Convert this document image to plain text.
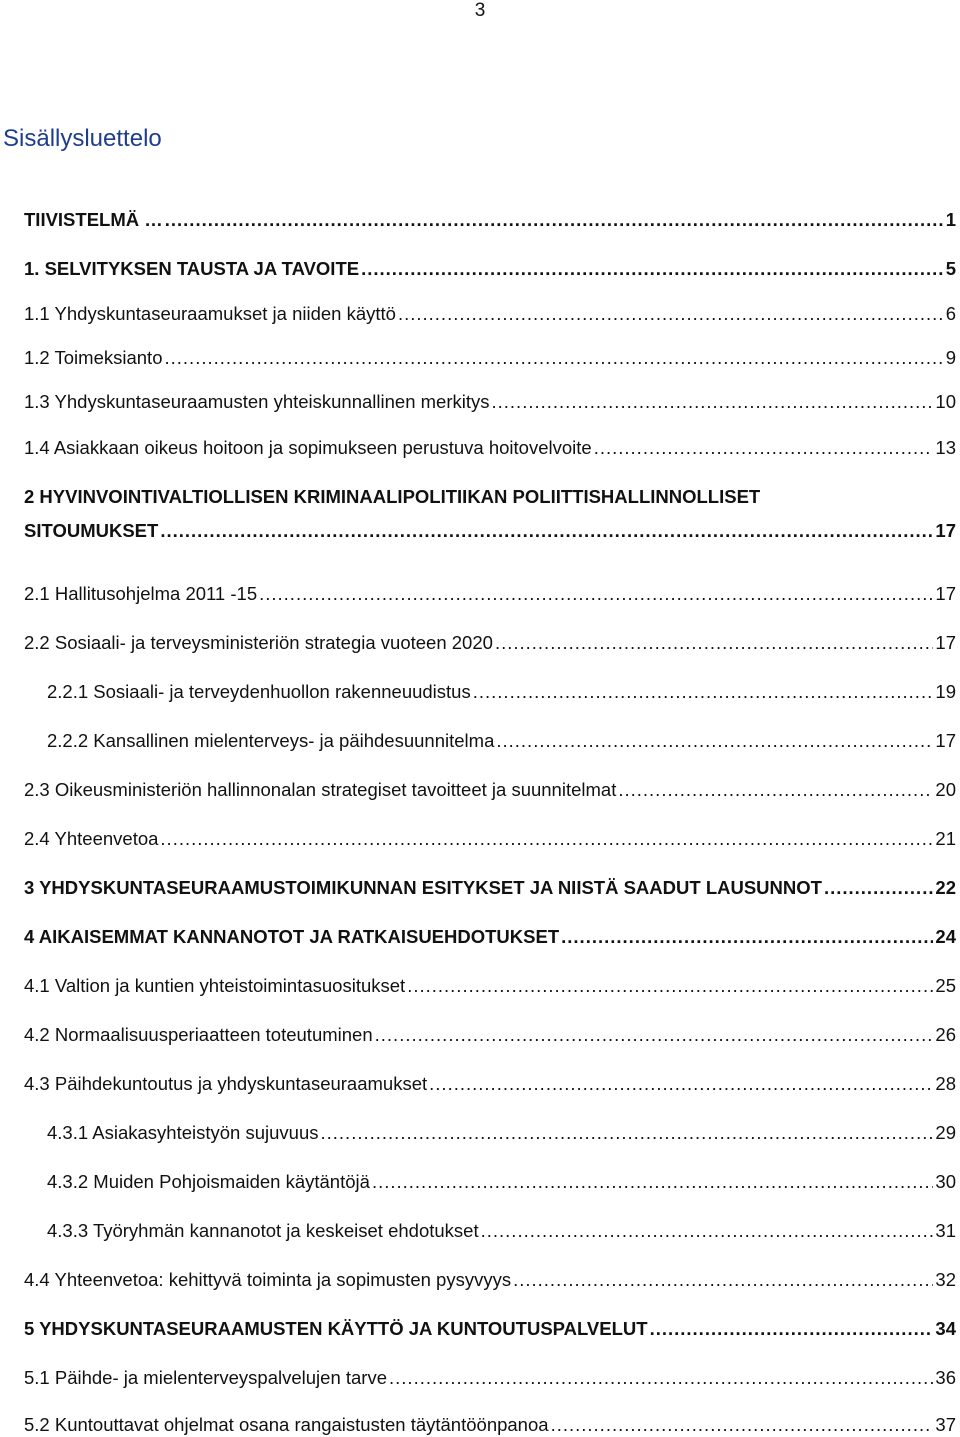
3
Sisällysluettelo
TIIVISTELMÄ … .....	1
1. SELVITYKSEN TAUSTA JA TAVOITE .....	5
1.1 Yhdyskuntaseuraamukset ja niiden käyttö .....	6
1.2 Toimeksianto .....	9
1.3 Yhdyskuntaseuraamusten yhteiskunnallinen merkitys .....	10
1.4 Asiakkaan oikeus hoitoon ja sopimukseen perustuva hoitovelvoite .....	13
2 HYVINVOINTIVALTIOLLISEN KRIMINAALIPOLITIIKAN POLIITTISHALLINNOLLISET
SITOUMUKSET .....	17
2.1 Hallitusohjelma 2011 -15 .....	17
2.2 Sosiaali- ja terveysministeriön strategia vuoteen 2020 .....	17
2.2.1 Sosiaali- ja terveydenhuollon rakenneuudistus .....	19
2.2.2 Kansallinen mielenterveys- ja päihdesuunnitelma .....	17
2.3 Oikeusministeriön hallinnonalan strategiset tavoitteet ja suunnitelmat .....	20
2.4 Yhteenvetoa .....	21
3 YHDYSKUNTASEURAAMUSTOIMIKUNNAN ESITYKSET JA NIISTÄ SAADUT LAUSUNNOT .....	22
4 AIKAISEMMAT KANNANOTOT JA RATKAISUEHDOTUKSET .....	24
4.1 Valtion ja kuntien yhteistoimintasuositukset .....	25
4.2 Normaalisuusperiaatteen toteutuminen .....	26
4.3 Päihdekuntoutus ja yhdyskuntaseuraamukset .....	28
4.3.1 Asiakasyhteistyön sujuvuus .....	29
4.3.2 Muiden Pohjoismaiden käytäntöjä .....	30
4.3.3 Työryhmän kannanotot ja keskeiset ehdotukset .....	31
4.4 Yhteenvetoa: kehittyvä toiminta ja sopimusten pysyvyys .....	32
5 YHDYSKUNTASEURAAMUSTEN KÄYTTÖ JA KUNTOUTUSPALVELUT .....	34
5.1 Päihde- ja mielenterveyspalvelujen tarve .....	36
5.2 Kuntouttavat ohjelmat osana rangaistusten täytäntöönpanoa .....	37
